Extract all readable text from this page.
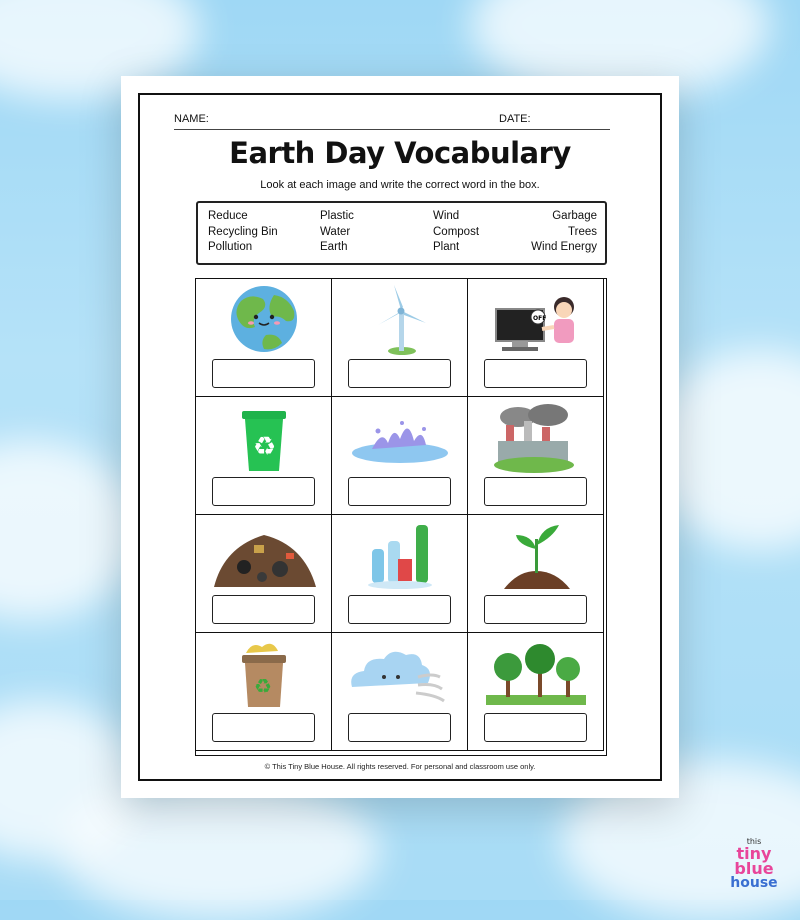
NAME:	DATE:
Earth Day Vocabulary
Look at each image and write the correct word in the box.
Reduce
Recycling Bin
Pollution
Plastic
Water
Earth
Wind
Compost
Plant
Garbage
Trees
Wind Energy
OFF
♻
♻
© This Tiny Blue House. All rights reserved. For personal and classroom use only.
this
tiny blue
house
